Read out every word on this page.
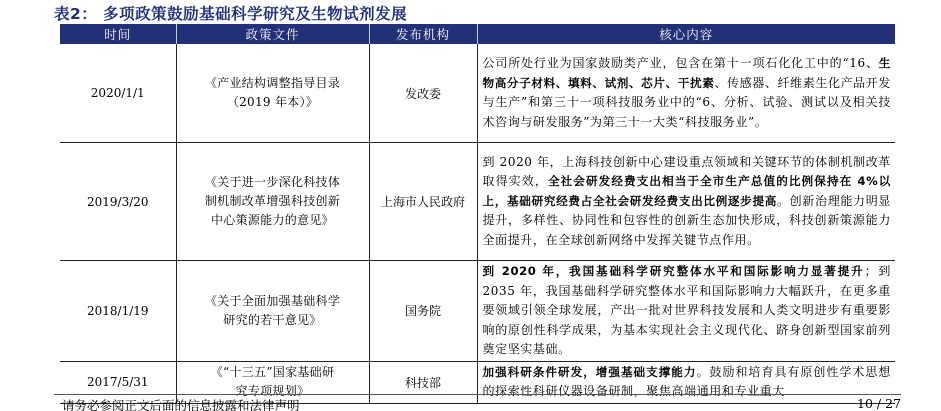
表2： 多项政策鼓励基础科学研究及生物试剂发展
时间	政策文件	发布机构	核心内容
2020/1/1	《产业结构调整指导目录
（2019 年本）》	发改委	公司所处行业为国家鼓励类产业，包含在第十一项石化化工中的“16、生物高分子材料、填料、试剂、芯片、干扰素、传感器、纤维素生化产品开发与生产”和第三十一项科技服务业中的“6、分析、试验、测试以及相关技术咨询与研发服务”为第三十一大类“科技服务业”。
2019/3/20	《关于进一步深化科技体
制机制改革增强科技创新
中心策源能力的意见》	上海市人民政府	到 2020 年，上海科技创新中心建设重点领域和关键环节的体制机制改革取得实效，全社会研发经费支出相当于全市生产总值的比例保持在 4%以上，基础研究经费占全社会研发经费支出比例逐步提高。创新治理能力明显提升，多样性、协同性和包容性的创新生态加快形成，科技创新策源能力全面提升，在全球创新网络中发挥关键节点作用。
2018/1/19	《关于全面加强基础科学
研究的若干意见》	国务院	到 2020 年，我国基础科学研究整体水平和国际影响力显著提升；到 2035 年，我国基础科学研究整体水平和国际影响力大幅跃升，在更多重要领域引领全球发展，产出一批对世界科技发展和人类文明进步有重要影响的原创性科学成果，为基本实现社会主义现代化、跻身创新型国家前列奠定坚实基础。
2017/5/31	《“十三五”国家基础研
究专项规划》	科技部	加强科研条件研发，增强基础支撑能力。鼓励和培育具有原创性学术思想的探索性科研仪器设备研制，聚焦高端通用和专业重大
请务必参阅正文后面的信息披露和法律声明	10 / 27
